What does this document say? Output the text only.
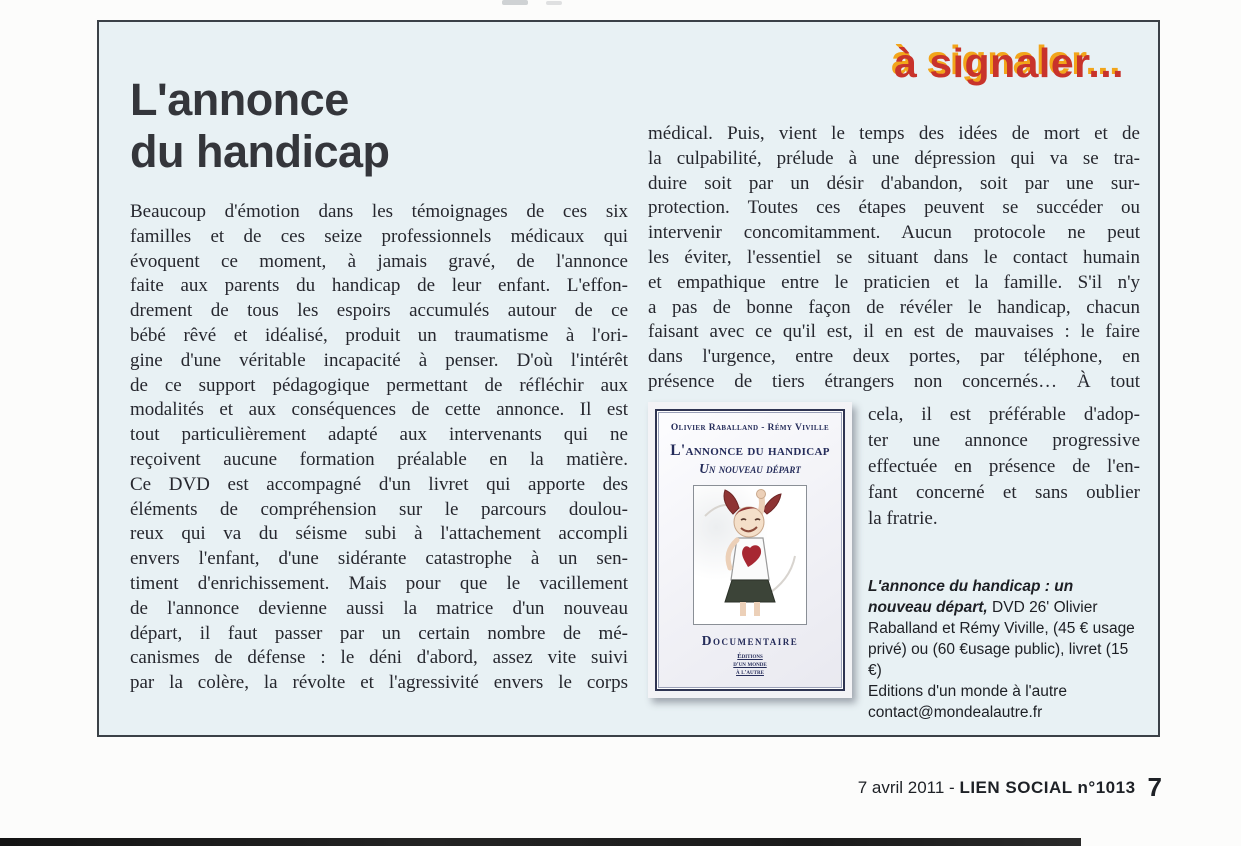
à signaler...
L'annonce
du handicap
Beaucoup d'émotion dans les témoignages de ces six
familles et de ces seize professionnels médicaux qui
évoquent ce moment, à jamais gravé, de l'annonce
faite aux parents du handicap de leur enfant. L'effon-
drement de tous les espoirs accumulés autour de ce
bébé rêvé et idéalisé, produit un traumatisme à l'ori-
gine d'une véritable incapacité à penser. D'où l'intérêt
de ce support pédagogique permettant de réfléchir aux
modalités et aux conséquences de cette annonce. Il est
tout particulièrement adapté aux intervenants qui ne
reçoivent aucune formation préalable en la matière.
Ce DVD est accompagné d'un livret qui apporte des
éléments de compréhension sur le parcours doulou-
reux qui va du séisme subi à l'attachement accompli
envers l'enfant, d'une sidérante catastrophe à un sen-
timent d'enrichissement. Mais pour que le vacillement
de l'annonce devienne aussi la matrice d'un nouveau
départ, il faut passer par un certain nombre de mé-
canismes de défense : le déni d'abord, assez vite suivi
par la colère, la révolte et l'agressivité envers le corps
médical. Puis, vient le temps des idées de mort et de
la culpabilité, prélude à une dépression qui va se tra-
duire soit par un désir d'abandon, soit par une sur-
protection. Toutes ces étapes peuvent se succéder ou
intervenir concomitamment. Aucun protocole ne peut
les éviter, l'essentiel se situant dans le contact humain
et empathique entre le praticien et la famille. S'il n'y
a pas de bonne façon de révéler le handicap, chacun
faisant avec ce qu'il est, il en est de mauvaises : le faire
dans l'urgence, entre deux portes, par téléphone, en
présence de tiers étrangers non concernés… À tout
Olivier Raballand - Rémy Viville
L'annonce du handicap
Un nouveau départ
Documentaire
Éditions
d'un monde
à l'autre
cela, il est préférable d'adop-
ter une annonce progressive
effectuée en présence de l'en-
fant concerné et sans oublier
la fratrie.
L'annonce du handicap : un nouveau départ, DVD 26' Olivier Raballand et Rémy Viville, (45 € usage privé) ou (60 €usage public), livret (15 €)
Editions d'un monde à l'autre
contact@mondealautre.fr
7 avril 2011 - LIEN SOCIAL n°1013 7
